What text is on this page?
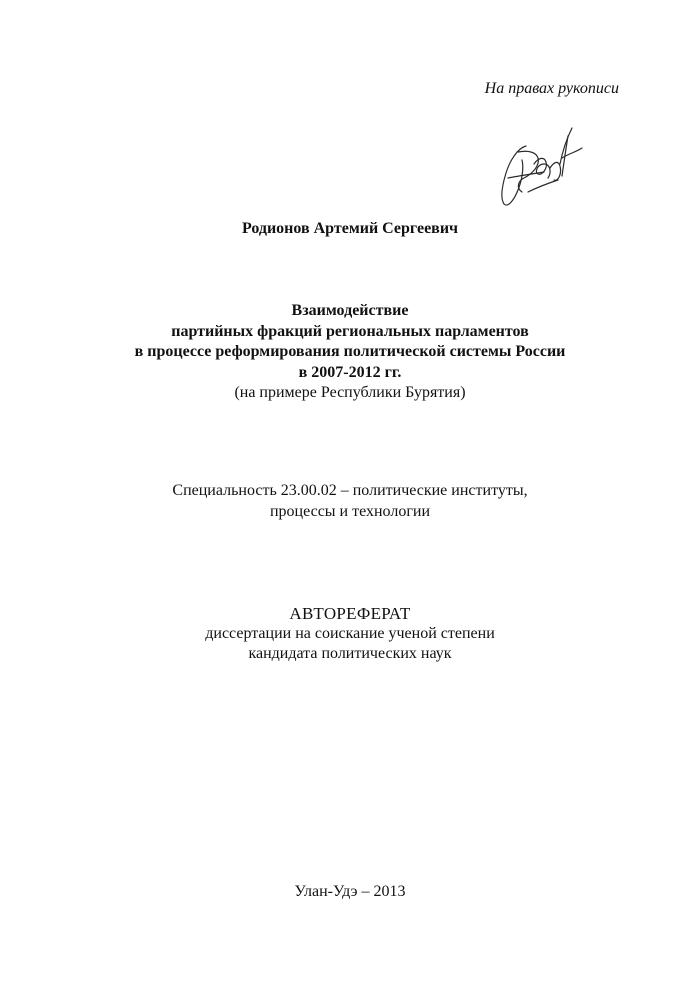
На правах рукописи
Родионов Артемий Сергеевич
Взаимодействие
партийных фракций региональных парламентов
в процессе реформирования политической системы России
в 2007-2012 гг.
(на примере Республики Бурятия)
Специальность 23.00.02 – политические институты,
процессы и технологии
АВТОРЕФЕРАТ
диссертации на соискание ученой степени
кандидата политических наук
Улан-Удэ – 2013
